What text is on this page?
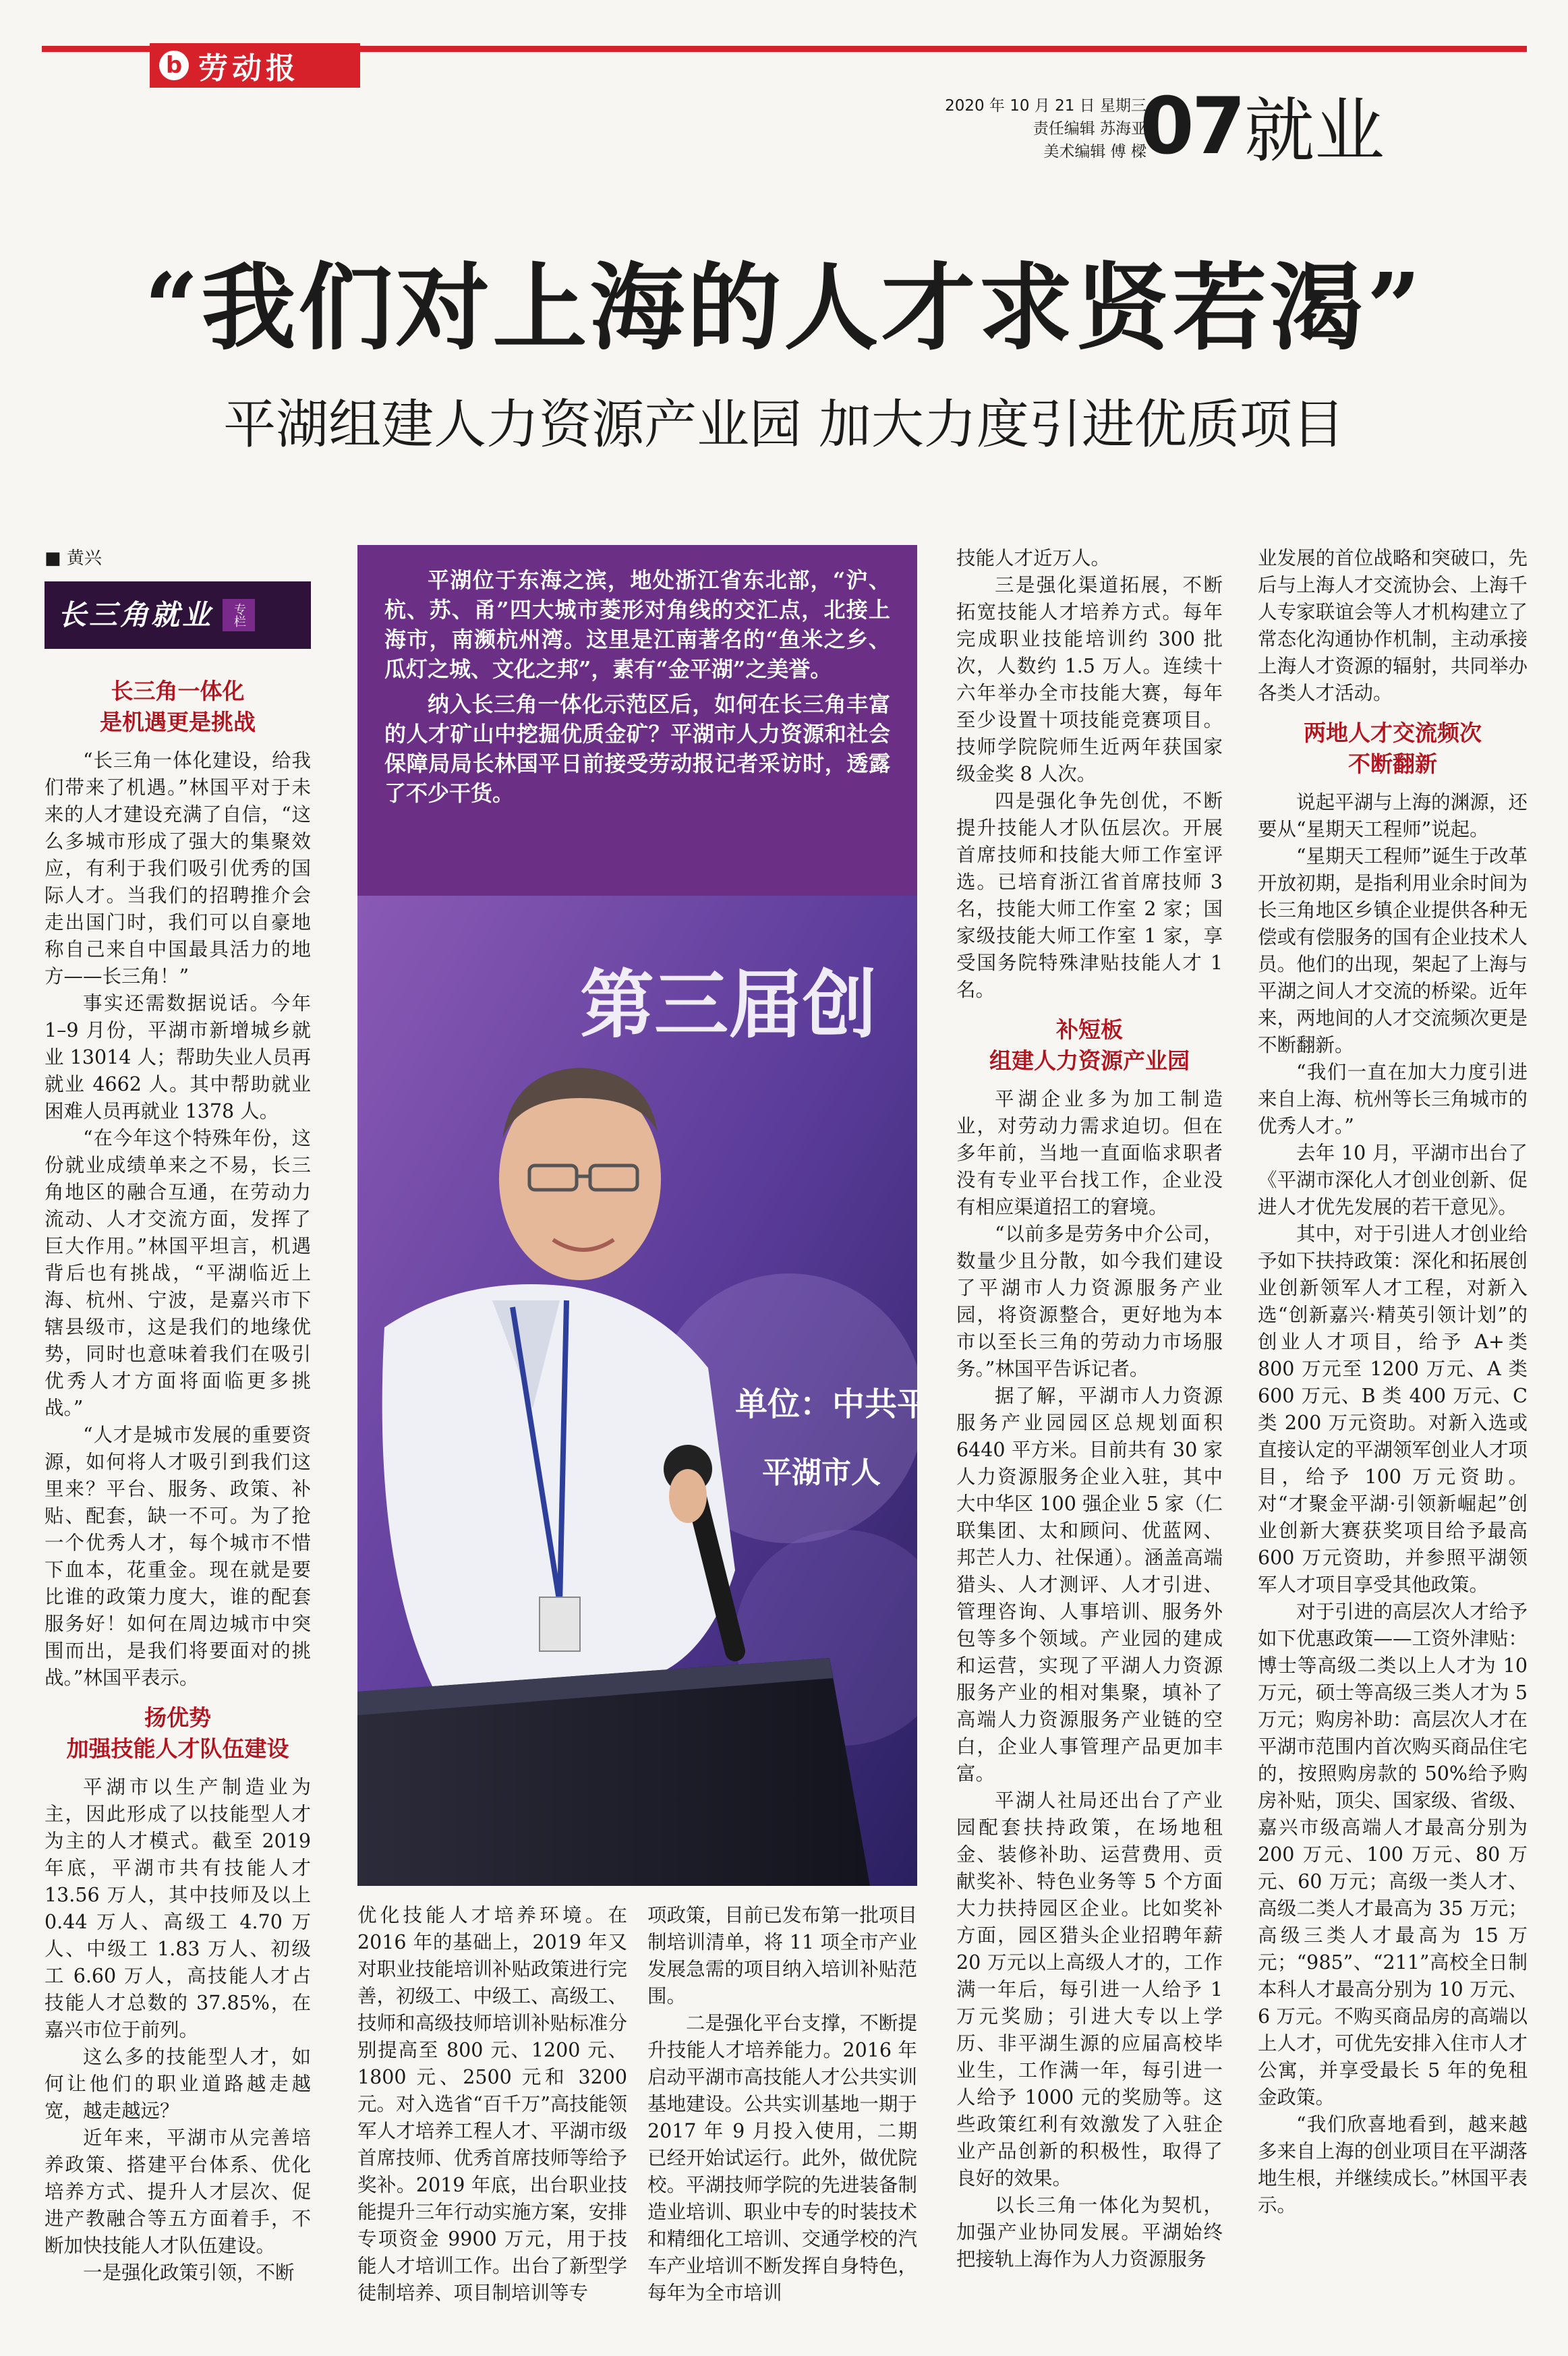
b 劳动报
2020 年 10 月 21 日 星期三
责任编辑 苏海亚
美术编辑 傅 樑
07 就业
“我们对上海的人才求贤若渴”
平湖组建人力资源产业园 加大力度引进优质项目
■ 黄兴
长三角就业	专栏
长三角一体化
是机遇更是挑战

“长三角一体化建设，给我们带来了机遇。”林国平对于未来的人才建设充满了自信，“这么多城市形成了强大的集聚效应，有利于我们吸引优秀的国际人才。当我们的招聘推介会走出国门时，我们可以自豪地称自己来自中国最具活力的地方——长三角！”

事实还需数据说话。今年1–9 月份，平湖市新增城乡就业 13014 人；帮助失业人员再就业 4662 人。其中帮助就业困难人员再就业 1378 人。

“在今年这个特殊年份，这份就业成绩单来之不易，长三角地区的融合互通，在劳动力流动、人才交流方面，发挥了巨大作用。”林国平坦言，机遇背后也有挑战，“平湖临近上海、杭州、宁波，是嘉兴市下辖县级市，这是我们的地缘优势，同时也意味着我们在吸引优秀人才方面将面临更多挑战。”

“人才是城市发展的重要资源，如何将人才吸引到我们这里来？平台、服务、政策、补贴、配套，缺一不可。为了抢一个优秀人才，每个城市不惜下血本，花重金。现在就是要比谁的政策力度大，谁的配套服务好！如何在周边城市中突围而出，是我们将要面对的挑战。”林国平表示。

扬优势
加强技能人才队伍建设

平湖市以生产制造业为主，因此形成了以技能型人才为主的人才模式。截至 2019 年底，平湖市共有技能人才 13.56 万人，其中技师及以上 0.44 万人、高级工 4.70 万人、中级工 1.83 万人、初级工 6.60 万人，高技能人才占技能人才总数的 37.85%，在嘉兴市位于前列。

这么多的技能型人才，如何让他们的职业道路越走越宽，越走越远？

近年来，平湖市从完善培养政策、搭建平台体系、优化培养方式、提升人才层次、促进产教融合等五方面着手，不断加快技能人才队伍建设。

一是强化政策引领，不断

平湖位于东海之滨，地处浙江省东北部，“沪、杭、苏、甬”四大城市菱形对角线的交汇点，北接上海市，南濒杭州湾。这里是江南著名的“鱼米之乡、瓜灯之城、文化之邦”，素有“金平湖”之美誉。

纳入长三角一体化示范区后，如何在长三角丰富的人才矿山中挖掘优质金矿？平湖市人力资源和社会保障局局长林国平日前接受劳动报记者采访时，透露了不少干货。

第三届创
单位：中共平
平湖市人

优化技能人才培养环境。在 2016 年的基础上，2019 年又对职业技能培训补贴政策进行完善，初级工、中级工、高级工、技师和高级技师培训补贴标准分别提高至 800 元、1200 元、1800 元、2500 元和 3200 元。对入选省“百千万”高技能领军人才培养工程人才、平湖市级首席技师、优秀首席技师等给予奖补。2019 年底，出台职业技能提升三年行动实施方案，安排专项资金 9900 万元，用于技能人才培训工作。出台了新型学徒制培养、项目制培训等专

项政策，目前已发布第一批项目制培训清单，将 11 项全市产业发展急需的项目纳入培训补贴范围。

二是强化平台支撑，不断提升技能人才培养能力。2016 年启动平湖市高技能人才公共实训基地建设。公共实训基地一期于 2017 年 9 月投入使用，二期已经开始试运行。此外，做优院校。平湖技师学院的先进装备制造业培训、职业中专的时装技术和精细化工培训、交通学校的汽车产业培训不断发挥自身特色，每年为全市培训

技能人才近万人。

三是强化渠道拓展，不断拓宽技能人才培养方式。每年完成职业技能培训约 300 批次，人数约 1.5 万人。连续十六年举办全市技能大赛，每年至少设置十项技能竞赛项目。技师学院院师生近两年获国家级金奖 8 人次。

四是强化争先创优，不断提升技能人才队伍层次。开展首席技师和技能大师工作室评选。已培育浙江省首席技师 3 名，技能大师工作室 2 家；国家级技能大师工作室 1 家，享受国务院特殊津贴技能人才 1 名。

补短板
组建人力资源产业园

平湖企业多为加工制造业，对劳动力需求迫切。但在多年前，当地一直面临求职者没有专业平台找工作，企业没有相应渠道招工的窘境。

“以前多是劳务中介公司，数量少且分散，如今我们建设了平湖市人力资源服务产业园，将资源整合，更好地为本市以至长三角的劳动力市场服务。”林国平告诉记者。

据了解，平湖市人力资源服务产业园园区总规划面积 6440 平方米。目前共有 30 家人力资源服务企业入驻，其中大中华区 100 强企业 5 家（仁联集团、太和顾问、优蓝网、邦芒人力、社保通）。涵盖高端猎头、人才测评、人才引进、管理咨询、人事培训、服务外包等多个领域。产业园的建成和运营，实现了平湖人力资源服务产业的相对集聚，填补了高端人力资源服务产业链的空白，企业人事管理产品更加丰富。

平湖人社局还出台了产业园配套扶持政策，在场地租金、装修补助、运营费用、贡献奖补、特色业务等 5 个方面大力扶持园区企业。比如奖补方面，园区猎头企业招聘年薪 20 万元以上高级人才的，工作满一年后，每引进一人给予 1 万元奖励；引进大专以上学历、非平湖生源的应届高校毕业生，工作满一年，每引进一人给予 1000 元的奖励等。这些政策红利有效激发了入驻企业产品创新的积极性，取得了良好的效果。

以长三角一体化为契机，加强产业协同发展。平湖始终把接轨上海作为人力资源服务

业发展的首位战略和突破口，先后与上海人才交流协会、上海千人专家联谊会等人才机构建立了常态化沟通协作机制，主动承接上海人才资源的辐射，共同举办各类人才活动。

两地人才交流频次
不断翻新

说起平湖与上海的渊源，还要从“星期天工程师”说起。

“星期天工程师”诞生于改革开放初期，是指利用业余时间为长三角地区乡镇企业提供各种无偿或有偿服务的国有企业技术人员。他们的出现，架起了上海与平湖之间人才交流的桥梁。近年来，两地间的人才交流频次更是不断翻新。

“我们一直在加大力度引进来自上海、杭州等长三角城市的优秀人才。”

去年 10 月，平湖市出台了《平湖市深化人才创业创新、促进人才优先发展的若干意见》。

其中，对于引进人才创业给予如下扶持政策：深化和拓展创业创新领军人才工程，对新入选“创新嘉兴·精英引领计划”的创业人才项目，给予 A+类 800 万元至 1200 万元、A 类 600 万元、B 类 400 万元、C 类 200 万元资助。对新入选或直接认定的平湖领军创业人才项目，给予 100 万元资助。对“才聚金平湖·引领新崛起”创业创新大赛获奖项目给予最高 600 万元资助，并参照平湖领军人才项目享受其他政策。

对于引进的高层次人才给予如下优惠政策——工资外津贴：博士等高级二类以上人才为 10 万元，硕士等高级三类人才为 5 万元；购房补助：高层次人才在平湖市范围内首次购买商品住宅的，按照购房款的 50%给予购房补贴，顶尖、国家级、省级、嘉兴市级高端人才最高分别为 200 万元、100 万元、80 万元、60 万元；高级一类人才、高级二类人才最高为 35 万元；高级三类人才最高为 15 万元；“985”、“211”高校全日制本科人才最高分别为 10 万元、6 万元。不购买商品房的高端以上人才，可优先安排入住市人才公寓，并享受最长 5 年的免租金政策。

“我们欣喜地看到，越来越多来自上海的创业项目在平湖落地生根，并继续成长。”林国平表示。
